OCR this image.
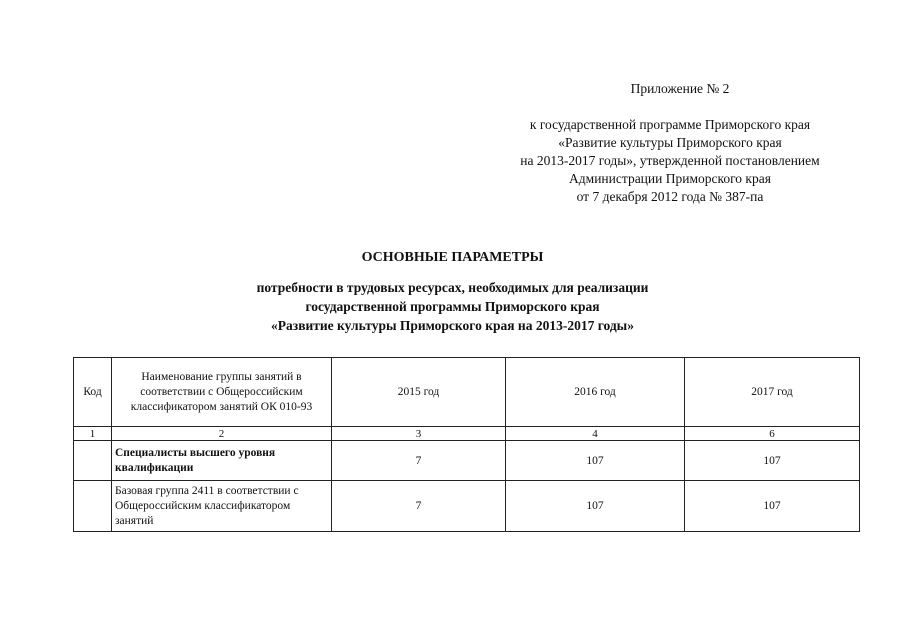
Приложение № 2
к государственной программе Приморского края
«Развитие культуры Приморского края
на 2013-2017 годы», утвержденной постановлением
Администрации Приморского края
от 7 декабря 2012 года № 387-па
ОСНОВНЫЕ ПАРАМЕТРЫ
потребности в трудовых ресурсах, необходимых для реализации
государственной программы Приморского края
«Развитие культуры Приморского края на 2013-2017 годы»
Код	Наименование группы занятий в соответствии с Общероссийским классификатором занятий ОК 010-93	2015 год	2016 год	2017 год
1	2	3	4	6
	Специалисты высшего уровня квалификации	7	107	107
	Базовая группа 2411 в соответствии с Общероссийским классификатором занятий	7	107	107
